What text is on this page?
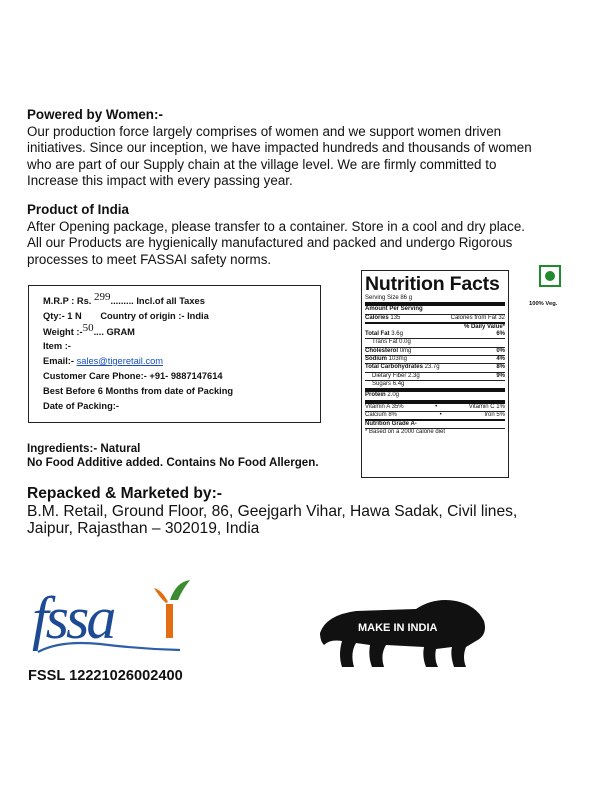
Powered by Women:-
Our production force largely comprises of women and we support women driven
initiatives. Since our inception, we have impacted hundreds and thousands of women
who are part of our Supply chain at the village level. We are firmly committed to
Increase this impact with every passing year.
Product of India
After Opening package, please transfer to a container. Store in a cool and dry place.
All our Products are hygienically manufactured and packed and undergo Rigorous
processes to meet FASSAI safety norms.
M.R.P : Rs. 299......... Incl.of all Taxes
Qty:- 1 N Country of origin :- India
Weight :-50.... GRAM
Item :-
Email:- sales@tigeretail.com
Customer Care Phone:- +91- 9887147614
Best Before 6 Months from date of Packing
Date of Packing:-
Nutrition Facts
Serving Size 86 g
Amount Per Serving
Calories 135	Calories from Fat 32
% Daily Value*
Total Fat 3.6g	6%
Trans Fat 0.0g
Cholesterol 0mg	0%
Sodium 103mg	4%
Total Carbohydrates 23.7g	8%
Dietary Fiber 2.3g	9%
Sugars 6.4g
Protein 2.0g
Vitamin A 35%	•	Vitamin C 1%
Calcium 8%	•	Iron 5%
Nutrition Grade A-
* Based on a 2000 calorie diet
100% Veg.
Ingredients:- Natural
No Food Additive added. Contains No Food Allergen.
Repacked & Marketed by:-
B.M. Retail, Ground Floor, 86, Geejgarh Vihar, Hawa Sadak, Civil lines,
Jaipur, Rajasthan – 302019, India
fssa
FSSL 12221026002400
MAKE IN INDIA
